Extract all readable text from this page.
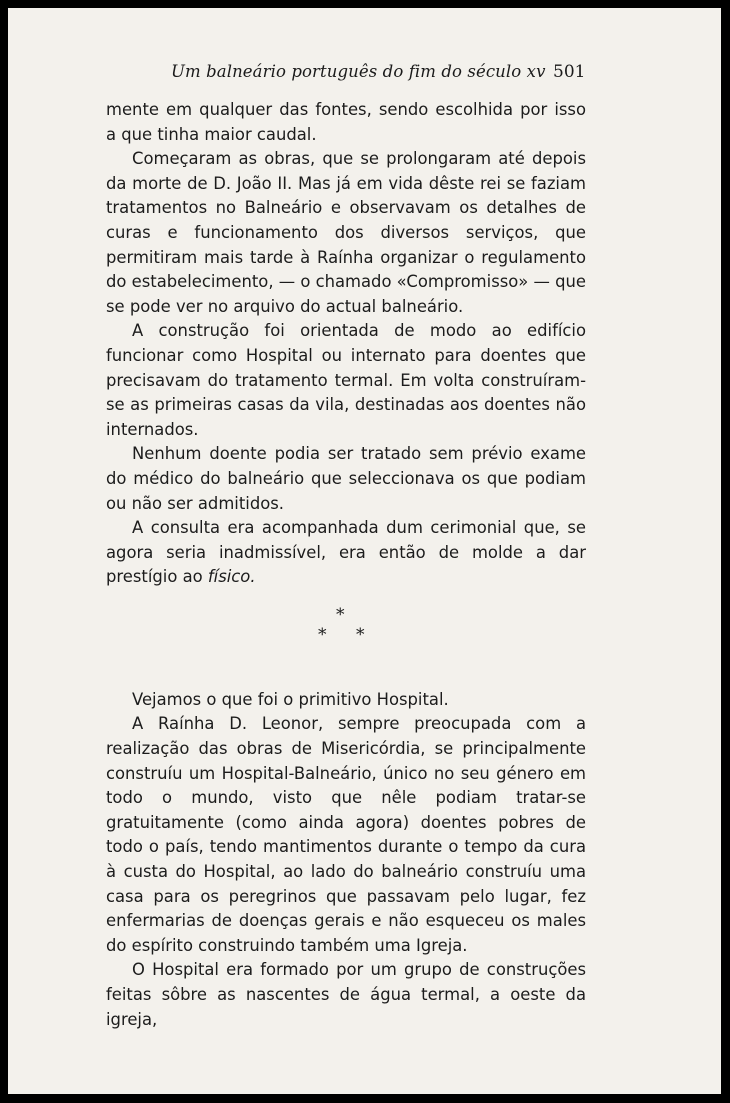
Um balneário português do fim do século xv 501

mente em qualquer das fontes, sendo escolhida por isso a que tinha maior caudal.

Começaram as obras, que se prolongaram até depois da morte de D. João II. Mas já em vida dêste rei se faziam tratamentos no Balneário e observavam os detalhes de curas e funcionamento dos diversos serviços, que permitiram mais tarde à Raínha organizar o regulamento do estabelecimento, — o chamado «Compromisso» — que se pode ver no arquivo do actual balneário.

A construção foi orientada de modo ao edifício funcionar como Hospital ou internato para doentes que precisavam do tratamento termal. Em volta construíram-se as primeiras casas da vila, destinadas aos doentes não internados.

Nenhum doente podia ser tratado sem prévio exame do médico do balneário que seleccionava os que podiam ou não ser admitidos.

A consulta era acompanhada dum cerimonial que, se agora seria inadmissível, era então de molde a dar prestígio ao físico.

*
* *

Vejamos o que foi o primitivo Hospital.

A Raínha D. Leonor, sempre preocupada com a realização das obras de Misericórdia, se principalmente construíu um Hospital-Balneário, único no seu género em todo o mundo, visto que nêle podiam tratar-se gratuitamente (como ainda agora) doentes pobres de todo o país, tendo mantimentos durante o tempo da cura à custa do Hospital, ao lado do balneário construíu uma casa para os peregrinos que passavam pelo lugar, fez enfermarias de doenças gerais e não esqueceu os males do espírito construindo também uma Igreja.

O Hospital era formado por um grupo de construções feitas sôbre as nascentes de água termal, a oeste da igreja,
